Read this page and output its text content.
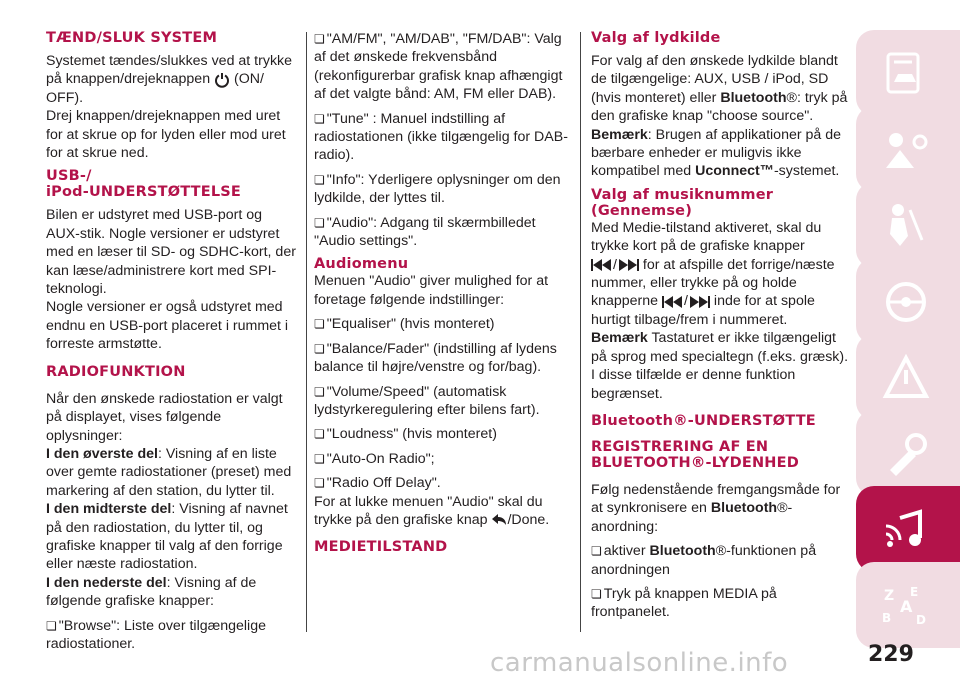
TÆND/SLUK SYSTEM

Systemet tændes/slukkes ved at trykke på knappen/drejeknappen (ON/ OFF).

Drej knappen/drejeknappen med uret for at skrue op for lyden eller mod uret for at skrue ned.

USB-/
iPod-UNDERSTØTTELSE

Bilen er udstyret med USB-port og AUX-stik. Nogle versioner er udstyret med en læser til SD- og SDHC-kort, der kan læse/administrere kort med SPI-teknologi.

Nogle versioner er også udstyret med endnu en USB-port placeret i rummet i forreste armstøtte.

RADIOFUNKTION

Når den ønskede radiostation er valgt på displayet, vises følgende oplysninger:

I den øverste del: Visning af en liste over gemte radiostationer (preset) med markering af den station, du lytter til.

I den midterste del: Visning af navnet på den radiostation, du lytter til, og grafiske knapper til valg af den forrige eller næste radiostation.

I den nederste del: Visning af de følgende grafiske knapper:

❏ "Browse": Liste over tilgængelige radiostationer.

❏ "AM/FM", "AM/DAB", "FM/DAB": Valg af det ønskede frekvensbånd (rekonfigurerbar grafisk knap afhængigt af det valgte bånd: AM, FM eller DAB).

❏ "Tune" : Manuel indstilling af radiostationen (ikke tilgængelig for DAB-radio).

❏ "Info": Yderligere oplysninger om den lydkilde, der lyttes til.

❏ "Audio": Adgang til skærmbilledet "Audio settings".

Audiomenu

Menuen "Audio" giver mulighed for at foretage følgende indstillinger:

❏ "Equaliser" (hvis monteret)

❏ "Balance/Fader" (indstilling af lydens balance til højre/venstre og for/bag).

❏ "Volume/Speed" (automatisk lydstyrkeregulering efter bilens fart).

❏ "Loudness" (hvis monteret)

❏ "Auto-On Radio";

❏ "Radio Off Delay".

For at lukke menuen "Audio" skal du trykke på den grafiske knap /Done.

MEDIETILSTAND

Valg af lydkilde

For valg af den ønskede lydkilde blandt de tilgængelige: AUX, USB / iPod, SD (hvis monteret) eller Bluetooth®: tryk på den grafiske knap "choose source".

Bemærk: Brugen af applikationer på de bærbare enheder er muligvis ikke kompatibel med Uconnect™-systemet.

Valg af musiknummer
(Gennemse)

Med Medie-tilstand aktiveret, skal du trykke kort på de grafiske knapper
/ for at afspille det forrige/næste nummer, eller trykke på og holde knapperne / inde for at spole hurtigt tilbage/frem i nummeret.

Bemærk Tastaturet er ikke tilgængeligt på sprog med specialtegn (f.eks. græsk). I disse tilfælde er denne funktion begrænset.

Bluetooth®-UNDERSTØTTE

REGISTRERING AF EN
BLUETOOTH®-LYDENHED

Følg nedenstående fremgangsmåde for at synkronisere en Bluetooth®-anordning:

❏ aktiver Bluetooth®-funktionen på anordningen

❏ Tryk på knappen MEDIA på frontpanelet.

Z E
A
B D
229
carmanualsonline.info
